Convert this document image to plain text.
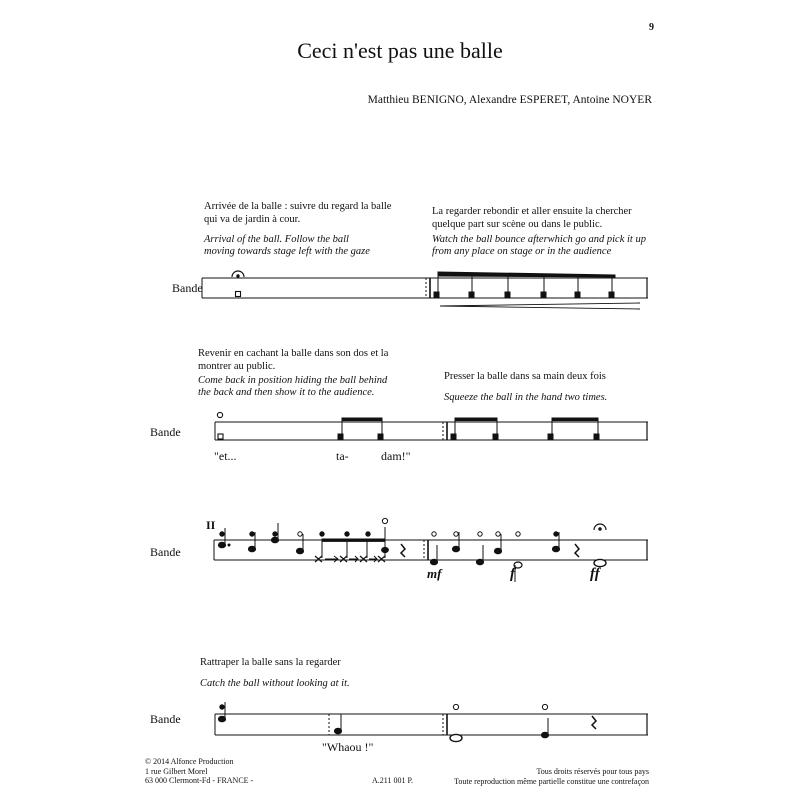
9
Ceci n'est pas une balle
Matthieu BENIGNO, Alexandre ESPERET, Antoine NOYER
Arrivée de la balle : suivre du regard la balle qui va de jardin à cour.
Arrival of the ball. Follow the ball moving towards stage left with the gaze
La regarder rebondir et aller ensuite la chercher quelque part sur scène ou dans le public.
Watch the ball bounce afterwhich go and pick it up from any place on stage or in the audience
Bande
Revenir en cachant la balle dans son dos et la montrer au public.
Come back in position hiding the ball behind the back and then show it to the audience.
Presser la balle dans sa main deux fois
Squeeze the ball in the hand two times.
Bande
"et...	ta-	dam!"
II
Bande
Rattraper la balle sans la regarder
Catch the ball without looking at it.
Bande
"Whaou !"
© 2014 Alfonce Production
1 rue Gilbert Morel
63 000 Clermont-Fd - FRANCE -	A.211 001 P.
Tous droits réservés pour tous pays
Toute reproduction même partielle constitue une contrefaçon
mf	f	ff
